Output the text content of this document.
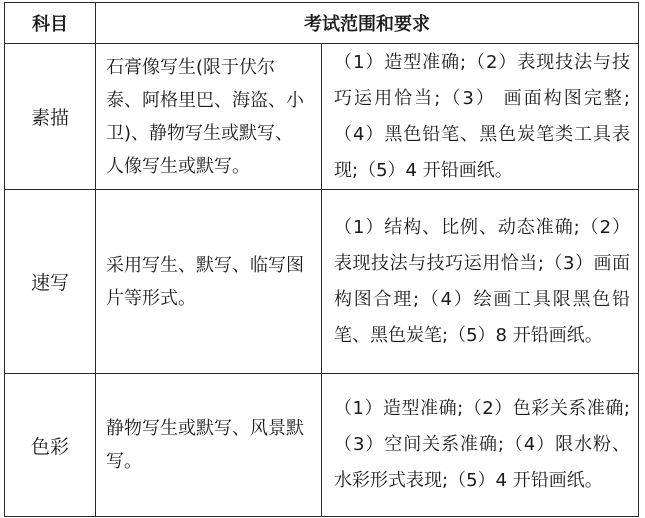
科目	考试范围和要求	
素描	石膏像写生(限于伏尔泰、阿格里巴、海盗、小卫)、静物写生或默写、人像写生或默写。	（1）造型准确;（2）表现技法与技巧运用恰当;（3） 画面构图完整;（4）黑色铅笔、黑色炭笔类工具表现;（5）4 开铅画纸。
速写	采用写生、默写、临写图片等形式。	（1）结构、比例、动态准确;（2）表现技法与技巧运用恰当;（3）画面构图合理;（4）绘画工具限黑色铅笔、黑色炭笔;（5）8 开铅画纸。
色彩	静物写生或默写、风景默写。	（1）造型准确;（2）色彩关系准确;（3）空间关系准确;（4）限水粉、水彩形式表现;（5）4 开铅画纸。
